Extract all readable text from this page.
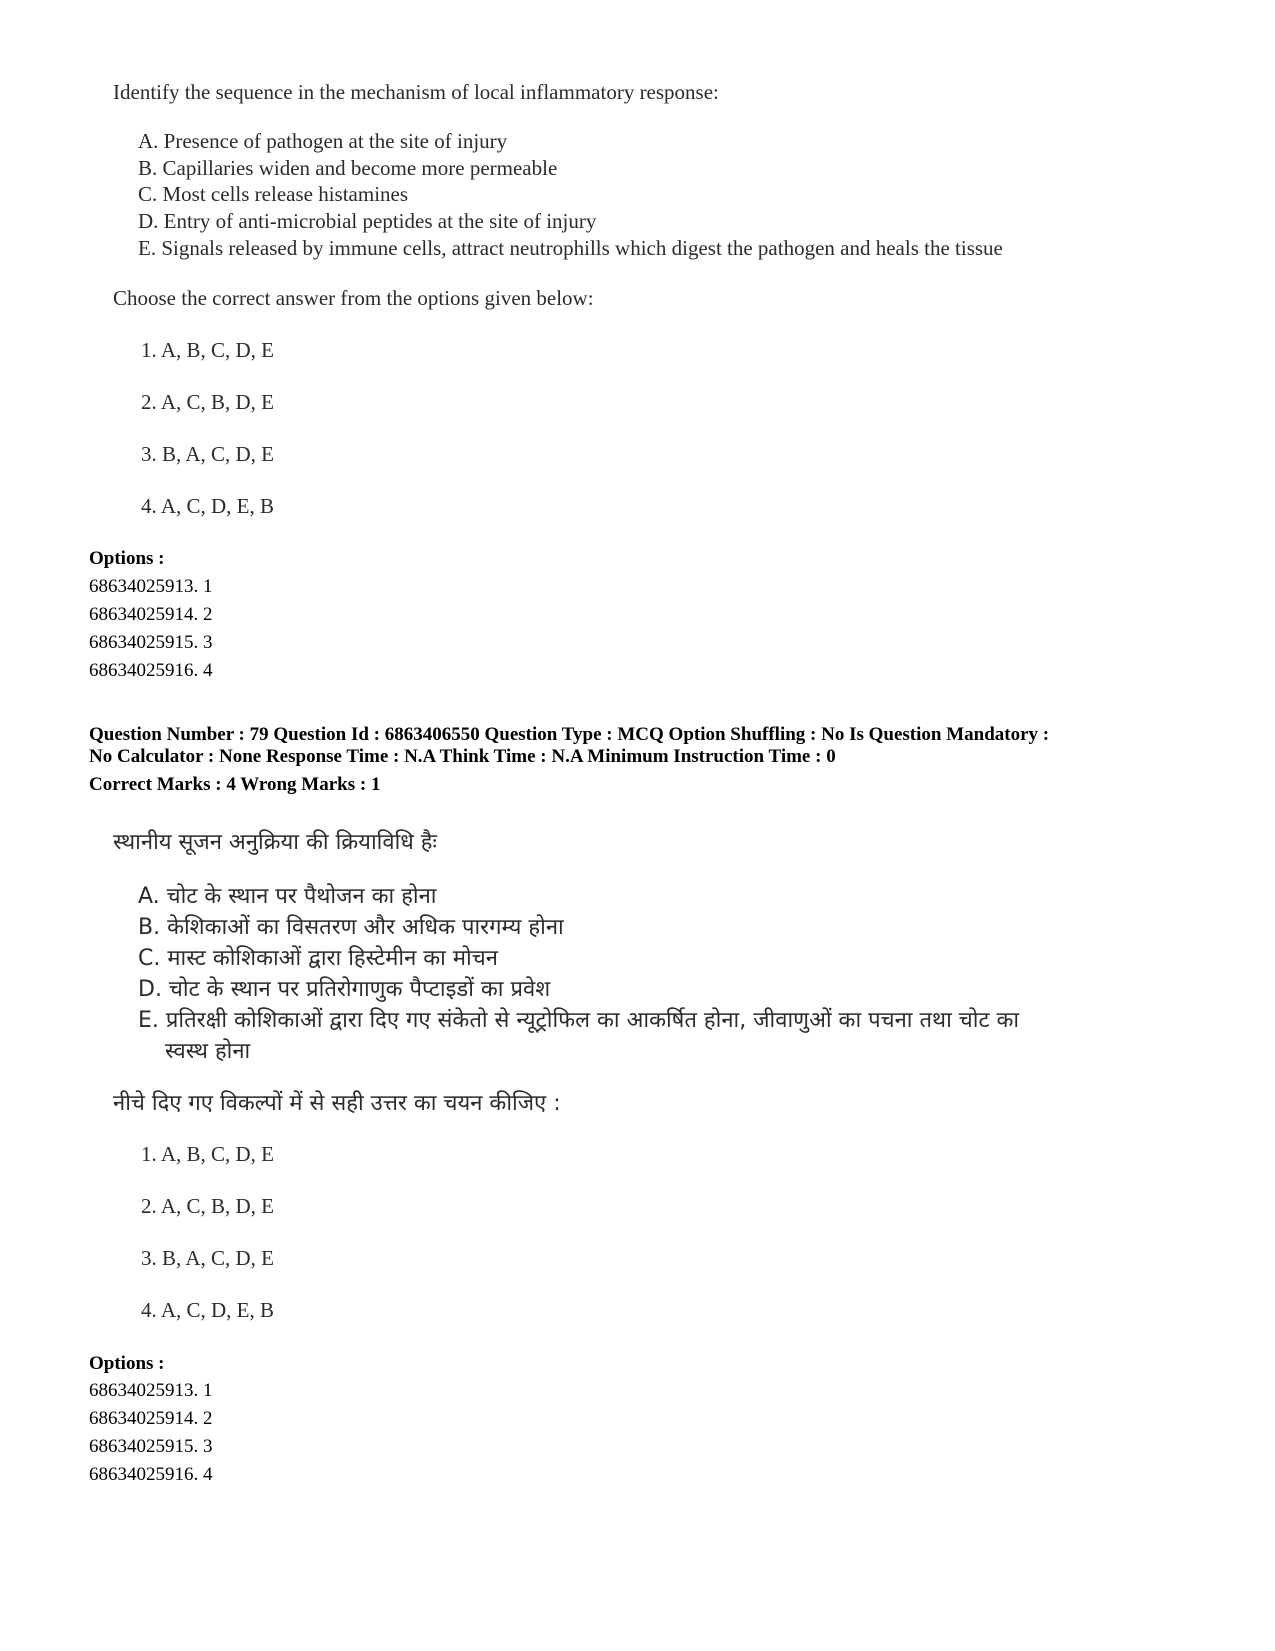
Identify the sequence in the mechanism of local inflammatory response:
A. Presence of pathogen at the site of injury
B. Capillaries widen and become more permeable
C. Most cells release histamines
D. Entry of anti-microbial peptides at the site of injury
E. Signals released by immune cells, attract neutrophills which digest the pathogen and heals the tissue
Choose the correct answer from the options given below:
1. A, B, C, D, E
2. A, C, B, D, E
3. B, A, C, D, E
4. A, C, D, E, B
Options :
68634025913. 1
68634025914. 2
68634025915. 3
68634025916. 4
Question Number : 79 Question Id : 6863406550 Question Type : MCQ Option Shuffling : No Is Question Mandatory :
No Calculator : None Response Time : N.A Think Time : N.A Minimum Instruction Time : 0
Correct Marks : 4 Wrong Marks : 1
स्थानीय सूजन अनुक्रिया की क्रियाविधि हैः
A. चोट के स्थान पर पैथोजन का होना
B. केशिकाओं का विसतरण और अधिक पारगम्य होना
C. मास्ट कोशिकाओं द्वारा हिस्टेमीन का मोचन
D. चोट के स्थान पर प्रतिरोगाणुक पैप्टाइडों का प्रवेश
E. प्रतिरक्षी कोशिकाओं द्वारा दिए गए संकेतो से न्यूट्रोफिल का आकर्षित होना, जीवाणुओं का पचना तथा चोट का
स्वस्थ होना
नीचे दिए गए विकल्पों में से सही उत्तर का चयन कीजिए :
1. A, B, C, D, E
2. A, C, B, D, E
3. B, A, C, D, E
4. A, C, D, E, B
Options :
68634025913. 1
68634025914. 2
68634025915. 3
68634025916. 4
